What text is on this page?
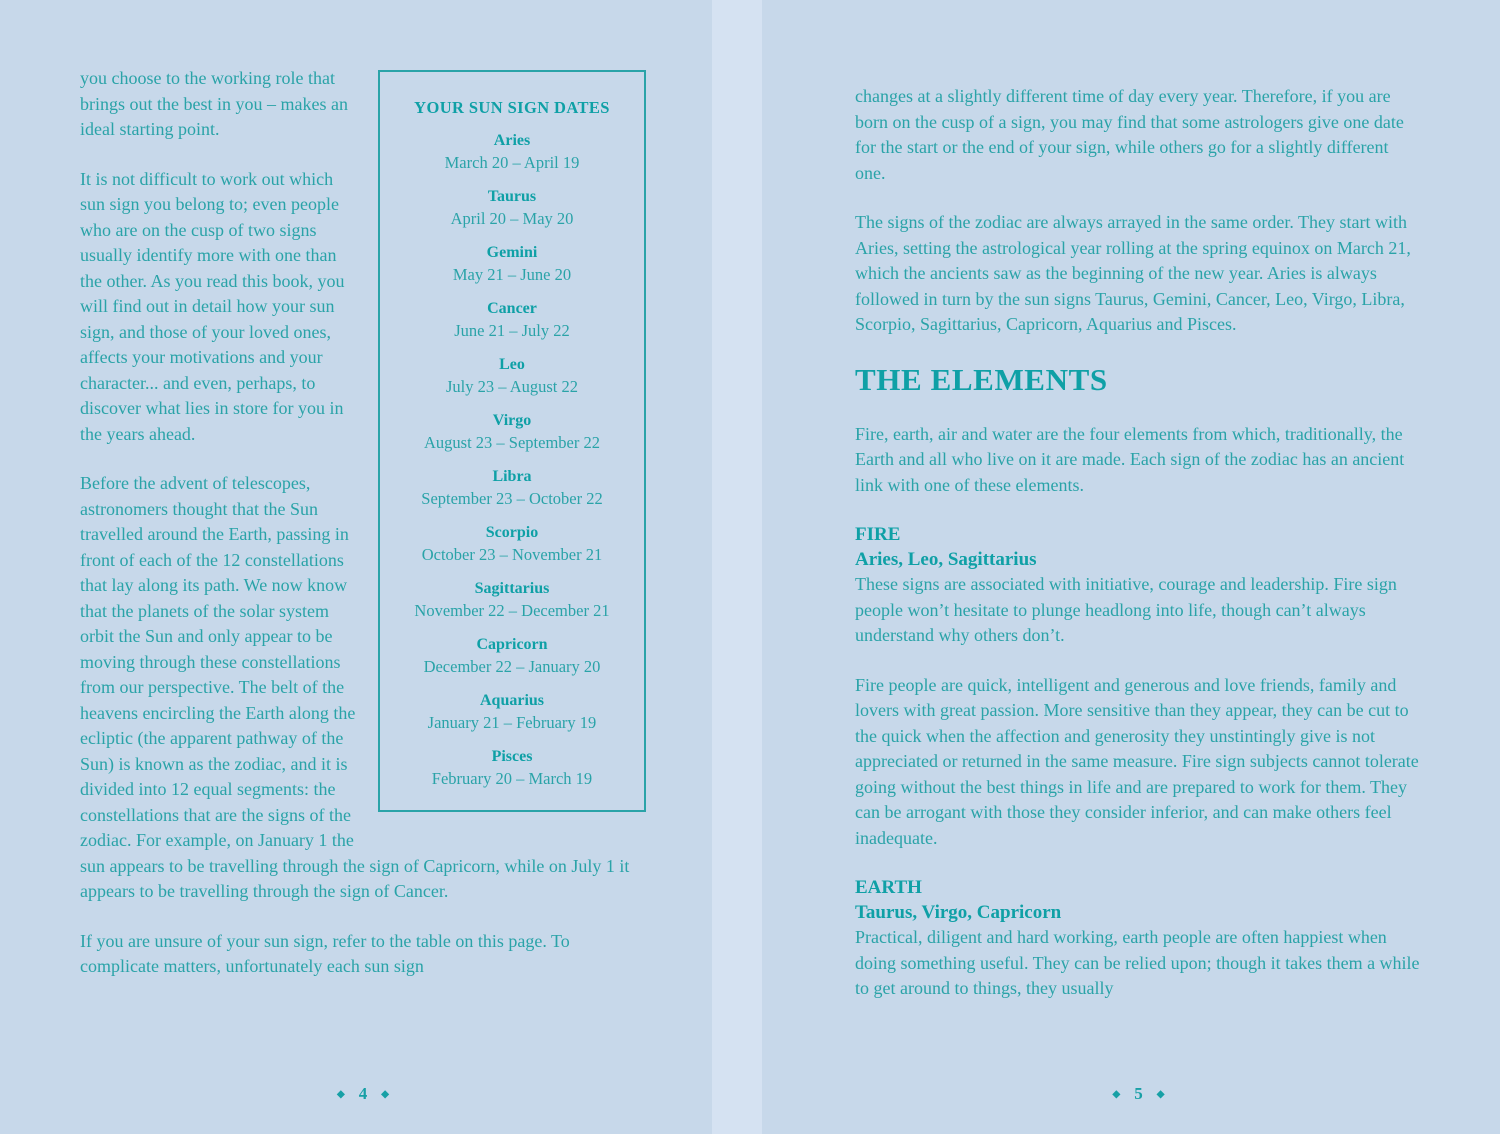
YOUR SUN SIGN DATES
Aries
March 20 – April 19
Taurus
April 20 – May 20
Gemini
May 21 – June 20
Cancer
June 21 – July 22
Leo
July 23 – August 22
Virgo
August 23 – September 22
Libra
September 23 – October 22
Scorpio
October 23 – November 21
Sagittarius
November 22 – December 21
Capricorn
December 22 – January 20
Aquarius
January 21 – February 19
Pisces
February 20 – March 19

you choose to the working role that brings out the best in you – makes an ideal starting point.

It is not difficult to work out which sun sign you belong to; even people who are on the cusp of two signs usually identify more with one than the other. As you read this book, you will find out in detail how your sun sign, and those of your loved ones, affects your motivations and your character... and even, perhaps, to discover what lies in store for you in the years ahead.

Before the advent of telescopes, astronomers thought that the Sun travelled around the Earth, passing in front of each of the 12 constellations that lay along its path. We now know that the planets of the solar system orbit the Sun and only appear to be moving through these constellations from our perspective. The belt of the heavens encircling the Earth along the ecliptic (the apparent pathway of the Sun) is known as the zodiac, and it is divided into 12 equal segments: the constellations that are the signs of the zodiac. For example, on January 1 the sun appears to be travelling through the sign of Capricorn, while on July 1 it appears to be travelling through the sign of Cancer.

If you are unsure of your sun sign, refer to the table on this page. To complicate matters, unfortunately each sun sign

◆ 4 ◆

changes at a slightly different time of day every year. Therefore, if you are born on the cusp of a sign, you may find that some astrologers give one date for the start or the end of your sign, while others go for a slightly different one.

The signs of the zodiac are always arrayed in the same order. They start with Aries, setting the astrological year rolling at the spring equinox on March 21, which the ancients saw as the beginning of the new year. Aries is always followed in turn by the sun signs Taurus, Gemini, Cancer, Leo, Virgo, Libra, Scorpio, Sagittarius, Capricorn, Aquarius and Pisces.

THE ELEMENTS

Fire, earth, air and water are the four elements from which, traditionally, the Earth and all who live on it are made. Each sign of the zodiac has an ancient link with one of these elements.

FIRE

Aries, Leo, Sagittarius

These signs are associated with initiative, courage and leadership. Fire sign people won’t hesitate to plunge headlong into life, though can’t always understand why others don’t.

Fire people are quick, intelligent and generous and love friends, family and lovers with great passion. More sensitive than they appear, they can be cut to the quick when the affection and generosity they unstintingly give is not appreciated or returned in the same measure. Fire sign subjects cannot tolerate going without the best things in life and are prepared to work for them. They can be arrogant with those they consider inferior, and can make others feel inadequate.

EARTH

Taurus, Virgo, Capricorn

Practical, diligent and hard working, earth people are often happiest when doing something useful. They can be relied upon; though it takes them a while to get around to things, they usually

◆ 5 ◆
